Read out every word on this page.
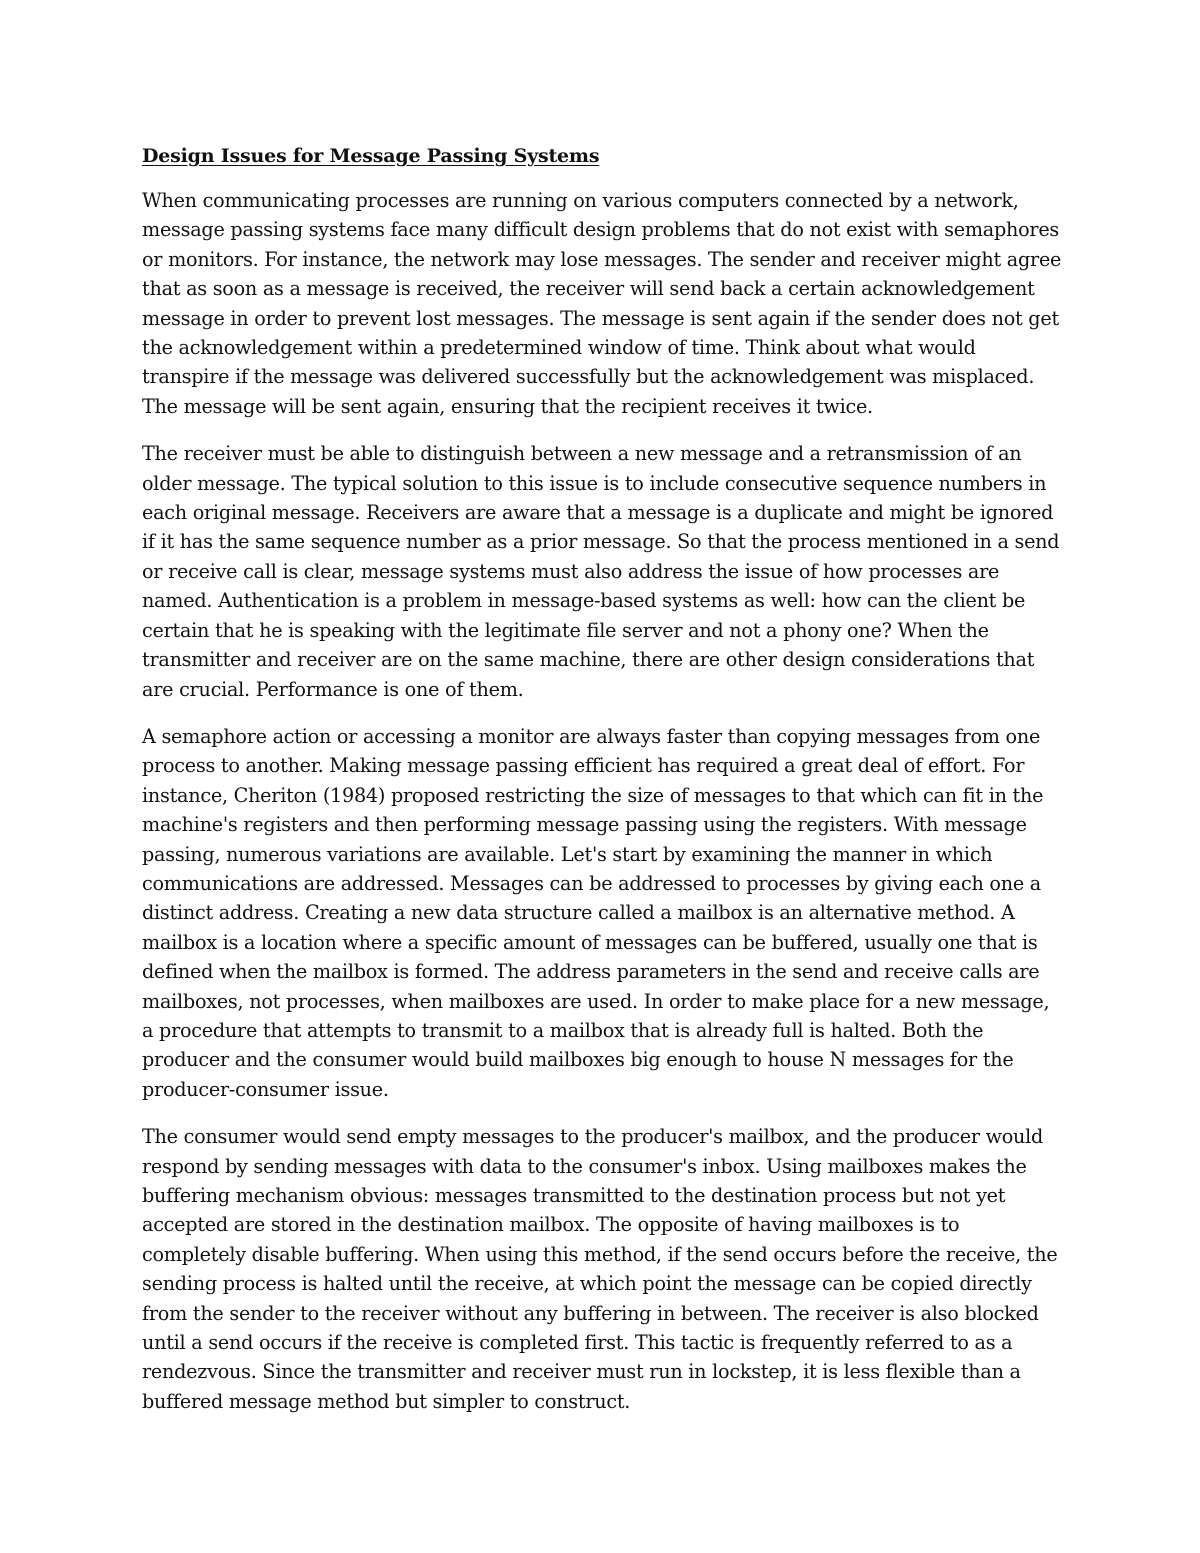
Design Issues for Message Passing Systems

When communicating processes are running on various computers connected by a network, message passing systems face many difficult design problems that do not exist with semaphores or monitors. For instance, the network may lose messages. The sender and receiver might agree that as soon as a message is received, the receiver will send back a certain acknowledgement message in order to prevent lost messages. The message is sent again if the sender does not get the acknowledgement within a predetermined window of time. Think about what would transpire if the message was delivered successfully but the acknowledgement was misplaced. The message will be sent again, ensuring that the recipient receives it twice.

The receiver must be able to distinguish between a new message and a retransmission of an older message. The typical solution to this issue is to include consecutive sequence numbers in each original message. Receivers are aware that a message is a duplicate and might be ignored if it has the same sequence number as a prior message. So that the process mentioned in a send or receive call is clear, message systems must also address the issue of how processes are named. Authentication is a problem in message-based systems as well: how can the client be certain that he is speaking with the legitimate file server and not a phony one? When the transmitter and receiver are on the same machine, there are other design considerations that are crucial. Performance is one of them.

A semaphore action or accessing a monitor are always faster than copying messages from one process to another. Making message passing efficient has required a great deal of effort. For instance, Cheriton (1984) proposed restricting the size of messages to that which can fit in the machine's registers and then performing message passing using the registers. With message passing, numerous variations are available. Let's start by examining the manner in which communications are addressed. Messages can be addressed to processes by giving each one a distinct address. Creating a new data structure called a mailbox is an alternative method. A mailbox is a location where a specific amount of messages can be buffered, usually one that is defined when the mailbox is formed. The address parameters in the send and receive calls are mailboxes, not processes, when mailboxes are used. In order to make place for a new message, a procedure that attempts to transmit to a mailbox that is already full is halted. Both the producer and the consumer would build mailboxes big enough to house N messages for the producer-consumer issue.

The consumer would send empty messages to the producer's mailbox, and the producer would respond by sending messages with data to the consumer's inbox. Using mailboxes makes the buffering mechanism obvious: messages transmitted to the destination process but not yet accepted are stored in the destination mailbox. The opposite of having mailboxes is to completely disable buffering. When using this method, if the send occurs before the receive, the sending process is halted until the receive, at which point the message can be copied directly from the sender to the receiver without any buffering in between. The receiver is also blocked until a send occurs if the receive is completed first. This tactic is frequently referred to as a rendezvous. Since the transmitter and receiver must run in lockstep, it is less flexible than a buffered message method but simpler to construct.
